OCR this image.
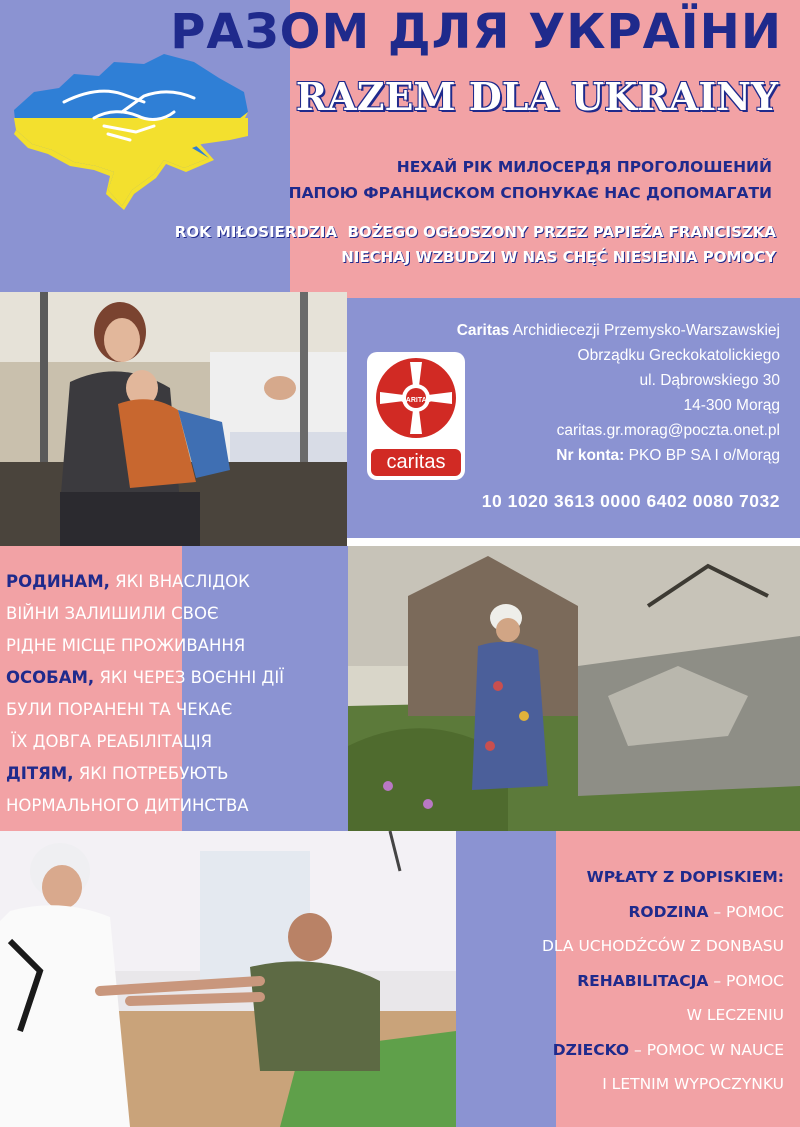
РАЗОМ ДЛЯ УКРАЇНИ
RAZEM DLA UKRAINY
НЕХАЙ РІК МИЛОСЕРДЯ ПРОГОЛОШЕНИЙ
ПАПОЮ ФРАНЦИСКОМ СПОНУКАЄ НАС ДОПОМАГАТИ
ROK MIŁOSIERDZIA  BOŻEGO OGŁOSZONY PRZEZ PAPIEŻA FRANCISZKA
NIECHAJ WZBUDZI W NAS CHĘĆ NIESIENIA POMOCY
CARITAS
caritas
Caritas Archidiecezji Przemysko-Warszawskiej
Obrządku Greckokatolickiego
ul. Dąbrowskiego 30
14-300 Morąg
caritas.gr.morag@poczta.onet.pl
Nr konta: PKO BP SA I o/Morąg
10 1020 3613 0000 6402 0080 7032
РОДИНАМ, ЯКІ ВНАСЛІДОК
ВІЙНИ ЗАЛИШИЛИ СВОЄ
РІДНЕ МІСЦЕ ПРОЖИВАННЯ
ОСОБАМ, ЯКІ ЧЕРЕЗ ВОЄННІ ДІЇ
БУЛИ ПОРАНЕНІ ТА ЧЕКАЄ
ЇХ ДОВГА РЕАБІЛІТАЦІЯ
ДІТЯМ, ЯКІ ПОТРЕБУЮТЬ
НОРМАЛЬНОГО ДИТИНСТВА
WPŁATY Z DOPISKIEM:
RODZINA – POMOC
DLA UCHODŹCÓW Z DONBASU
REHABILITACJA – POMOC
W LECZENIU
DZIECKO – POMOC W NAUCE
I LETNIM WYPOCZYNKU
